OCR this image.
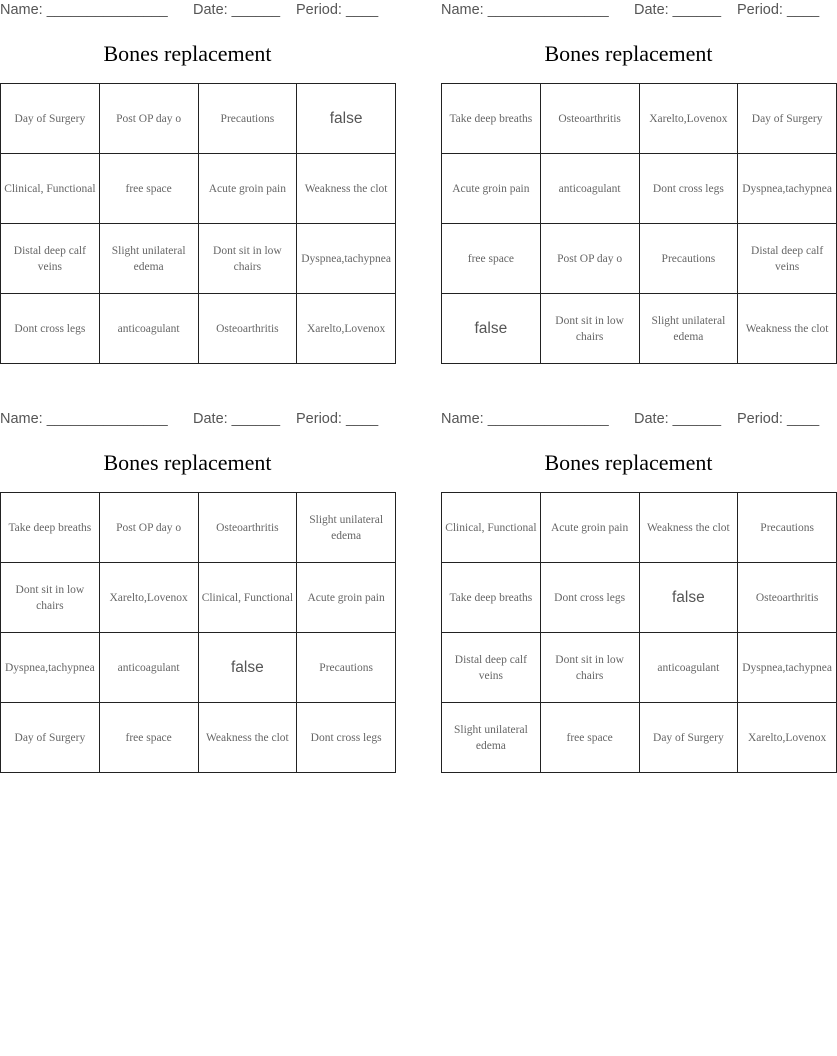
Name: _______________ Date: ______ Period: ____
Bones replacement
Day of Surgery	Post OP day o	Precautions	false
Clinical, Functional	free space	Acute groin pain	Weakness the clot
Distal deep calf veins	Slight unilateral edema	Dont sit in low chairs	Dyspnea,tachypnea
Dont cross legs	anticoagulant	Osteoarthritis	Xarelto,Lovenox
Name: _______________ Date: ______ Period: ____
Bones replacement
Take deep breaths	Osteoarthritis	Xarelto,Lovenox	Day of Surgery
Acute groin pain	anticoagulant	Dont cross legs	Dyspnea,tachypnea
free space	Post OP day o	Precautions	Distal deep calf veins
false	Dont sit in low chairs	Slight unilateral edema	Weakness the clot
Name: _______________ Date: ______ Period: ____
Bones replacement
Take deep breaths	Post OP day o	Osteoarthritis	Slight unilateral edema
Dont sit in low chairs	Xarelto,Lovenox	Clinical, Functional	Acute groin pain
Dyspnea,tachypnea	anticoagulant	false	Precautions
Day of Surgery	free space	Weakness the clot	Dont cross legs
Name: _______________ Date: ______ Period: ____
Bones replacement
Clinical, Functional	Acute groin pain	Weakness the clot	Precautions
Take deep breaths	Dont cross legs	false	Osteoarthritis
Distal deep calf veins	Dont sit in low chairs	anticoagulant	Dyspnea,tachypnea
Slight unilateral edema	free space	Day of Surgery	Xarelto,Lovenox
